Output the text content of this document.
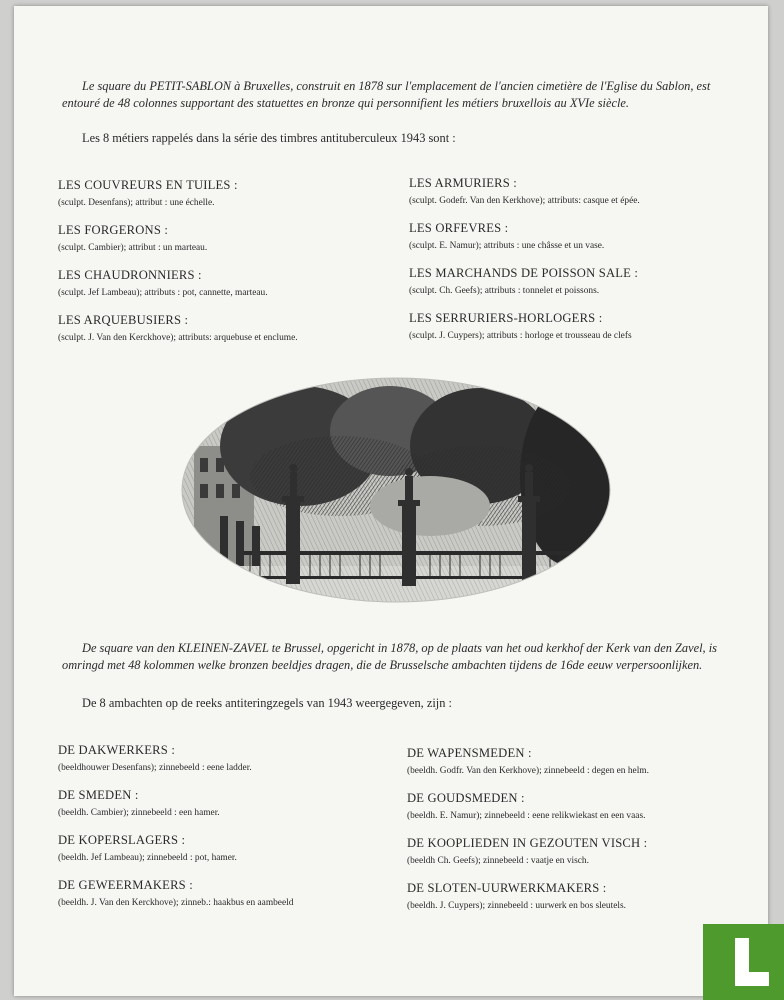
Le square du PETIT-SABLON à Bruxelles, construit en 1878 sur l'emplacement de l'ancien cimetière de l'Eglise du Sablon, est entouré de 48 colonnes supportant des statuettes en bronze qui personnifient les métiers bruxellois au XVIe siècle.

Les 8 métiers rappelés dans la série des timbres antituberculeux 1943 sont :

LES COUVREURS EN TUILES :
(sculpt. Desenfans); attribut : une échelle.
LES FORGERONS :
(sculpt. Cambier); attribut : un marteau.
LES CHAUDRONNIERS :
(sculpt. Jef Lambeau); attributs : pot, cannette, marteau.
LES ARQUEBUSIERS :
(sculpt. J. Van den Kerckhove); attributs: arquebuse et enclume.
LES ARMURIERS :
(sculpt. Godefr. Van den Kerkhove); attributs: casque et épée.
LES ORFEVRES :
(sculpt. E. Namur); attributs : une châsse et un vase.
LES MARCHANDS DE POISSON SALE :
(sculpt. Ch. Geefs); attributs : tonnelet et poissons.
LES SERRURIERS-HORLOGERS :
(sculpt. J. Cuypers); attributs : horloge et trousseau de clefs

De square van den KLEINEN-ZAVEL te Brussel, opgericht in 1878, op de plaats van het oud kerkhof der Kerk van den Zavel, is omringd met 48 kolommen welke bronzen beeldjes dragen, die de Brusselsche ambachten tijdens de 16de eeuw verpersoonlijken.

De 8 ambachten op de reeks antiteringzegels van 1943 weergegeven, zijn :

DE DAKWERKERS :
(beeldhouwer Desenfans); zinnebeeld : eene ladder.
DE SMEDEN :
(beeldh. Cambier); zinnebeeld : een hamer.
DE KOPERSLAGERS :
(beeldh. Jef Lambeau); zinnebeeld : pot, hamer.
DE GEWEERMAKERS :
(beeldh. J. Van den Kerckhove); zinneb.: haakbus en aambeeld
DE WAPENSMEDEN :
(beeldh. Godfr. Van den Kerkhove); zinnebeeld : degen en helm.
DE GOUDSMEDEN :
(beeldh. E. Namur); zinnebeeld : eene relikwiekast en een vaas.
DE KOOPLIEDEN IN GEZOUTEN VISCH :
(beeldh Ch. Geefs); zinnebeeld : vaatje en visch.
DE SLOTEN-UURWERKMAKERS :
(beeldh. J. Cuypers); zinnebeeld : uurwerk en bos sleutels.
